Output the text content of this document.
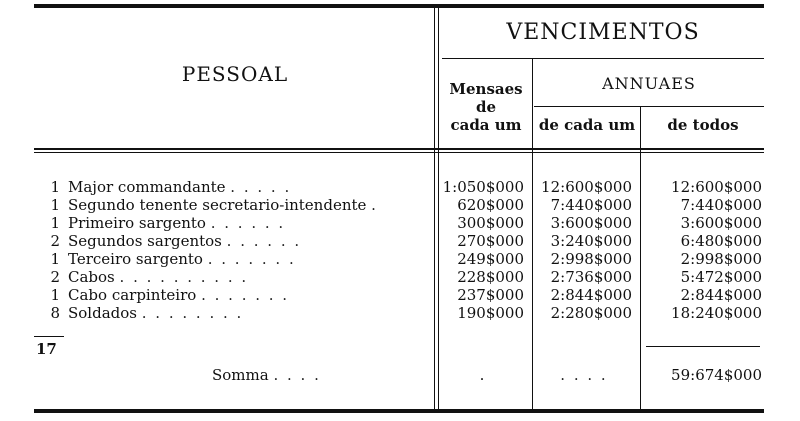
PESSOAL
VENCIMENTOS
ANNUAES
Mensaes
de
cada um	de cada um	de todos
1 Major commandante . . . . .	1:050$000	12:600$000	12:600$000
1 Segundo tenente secretario-intendente .	620$000	7:440$000	7:440$000
1 Primeiro sargento . . . . . .	300$000	3:600$000	3:600$000
2 Segundos sargentos . . . . . .	270$000	3:240$000	6:480$000
1 Terceiro sargento . . . . . . .	249$000	2:998$000	2:998$000
2 Cabos . . . . . . . . . .	228$000	2:736$000	5:472$000
1 Cabo carpinteiro . . . . . . .	237$000	2:844$000	2:844$000
8 Soldados . . . . . . . .	190$000	2:280$000	18:240$000
17
Somma . . . .	.	. . . .	59:674$000
